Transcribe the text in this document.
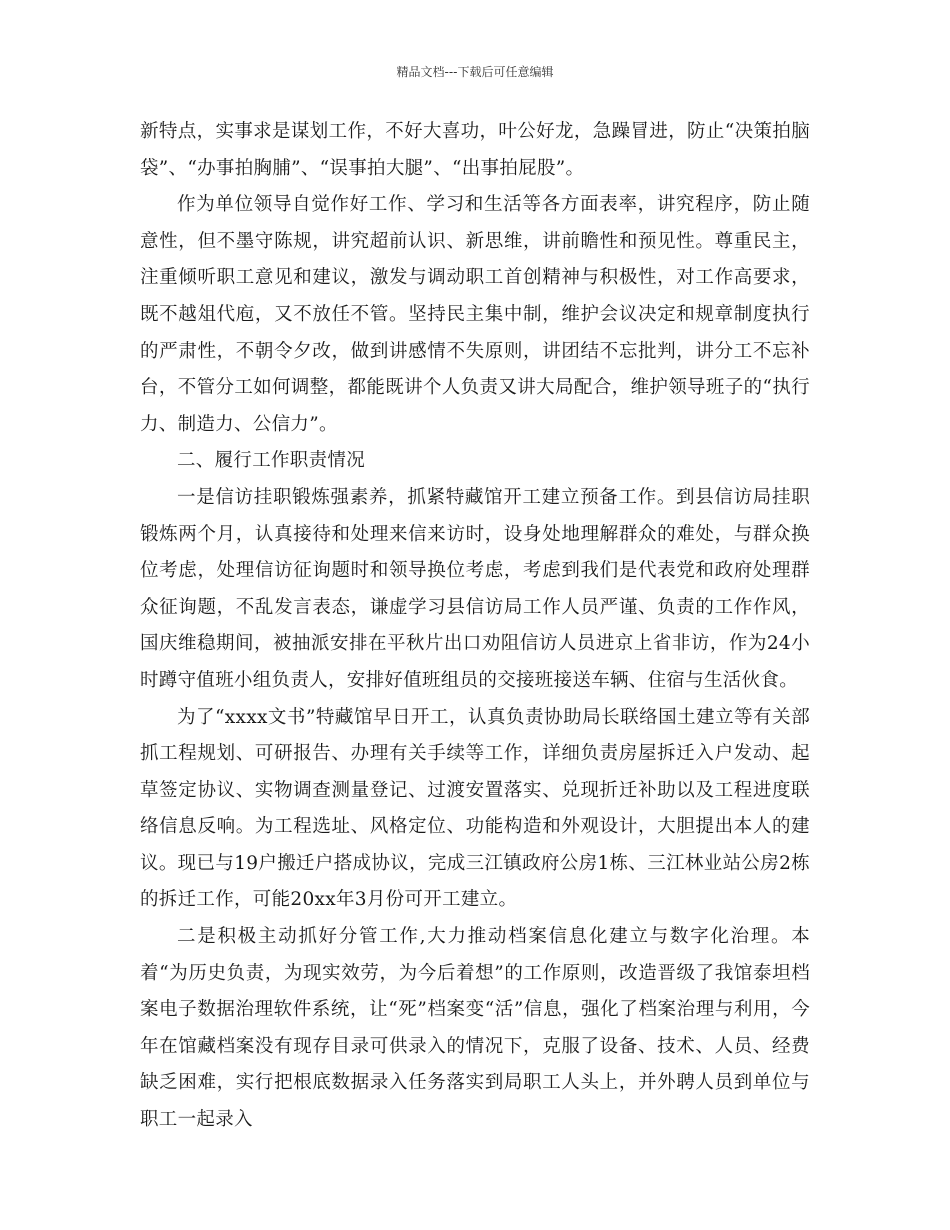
精品文档---下载后可任意编辑

新特点，实事求是谋划工作，不好大喜功，叶公好龙，急躁冒进，防止“决策拍脑袋”、“办事拍胸脯”、“误事拍大腿”、“出事拍屁股”。

作为单位领导自觉作好工作、学习和生活等各方面表率，讲究程序，防止随意性，但不墨守陈规，讲究超前认识、新思维，讲前瞻性和预见性。尊重民主，注重倾听职工意见和建议，激发与调动职工首创精神与积极性，对工作高要求，既不越俎代庖，又不放任不管。坚持民主集中制，维护会议决定和规章制度执行的严肃性，不朝令夕改，做到讲感情不失原则，讲团结不忘批判，讲分工不忘补台，不管分工如何调整，都能既讲个人负责又讲大局配合，维护领导班子的“执行力、制造力、公信力”。

二、履行工作职责情况

一是信访挂职锻炼强素养，抓紧特藏馆开工建立预备工作。到县信访局挂职锻炼两个月，认真接待和处理来信来访时，设身处地理解群众的难处，与群众换位考虑，处理信访征询题时和领导换位考虑，考虑到我们是代表党和政府处理群众征询题，不乱发言表态，谦虚学习县信访局工作人员严谨、负责的工作作风，国庆维稳期间，被抽派安排在平秋片出口劝阻信访人员进京上省非访，作为24小时蹲守值班小组负责人，安排好值班组员的交接班接送车辆、住宿与生活伙食。

为了“xxxx文书”特藏馆早日开工，认真负责协助局长联络国土建立等有关部抓工程规划、可研报告、办理有关手续等工作，详细负责房屋拆迁入户发动、起草签定协议、实物调查测量登记、过渡安置落实、兑现折迁补助以及工程进度联络信息反响。为工程选址、风格定位、功能构造和外观设计，大胆提出本人的建议。现已与19户搬迁户搭成协议，完成三江镇政府公房1栋、三江林业站公房2栋的拆迁工作，可能20xx年3月份可开工建立。

二是积极主动抓好分管工作,大力推动档案信息化建立与数字化治理。本着“为历史负责，为现实效劳，为今后着想”的工作原则，改造晋级了我馆泰坦档案电子数据治理软件系统，让“死”档案变“活”信息，强化了档案治理与利用，今年在馆藏档案没有现存目录可供录入的情况下，克服了设备、技术、人员、经费缺乏困难，实行把根底数据录入任务落实到局职工人头上，并外聘人员到单位与职工一起录入
